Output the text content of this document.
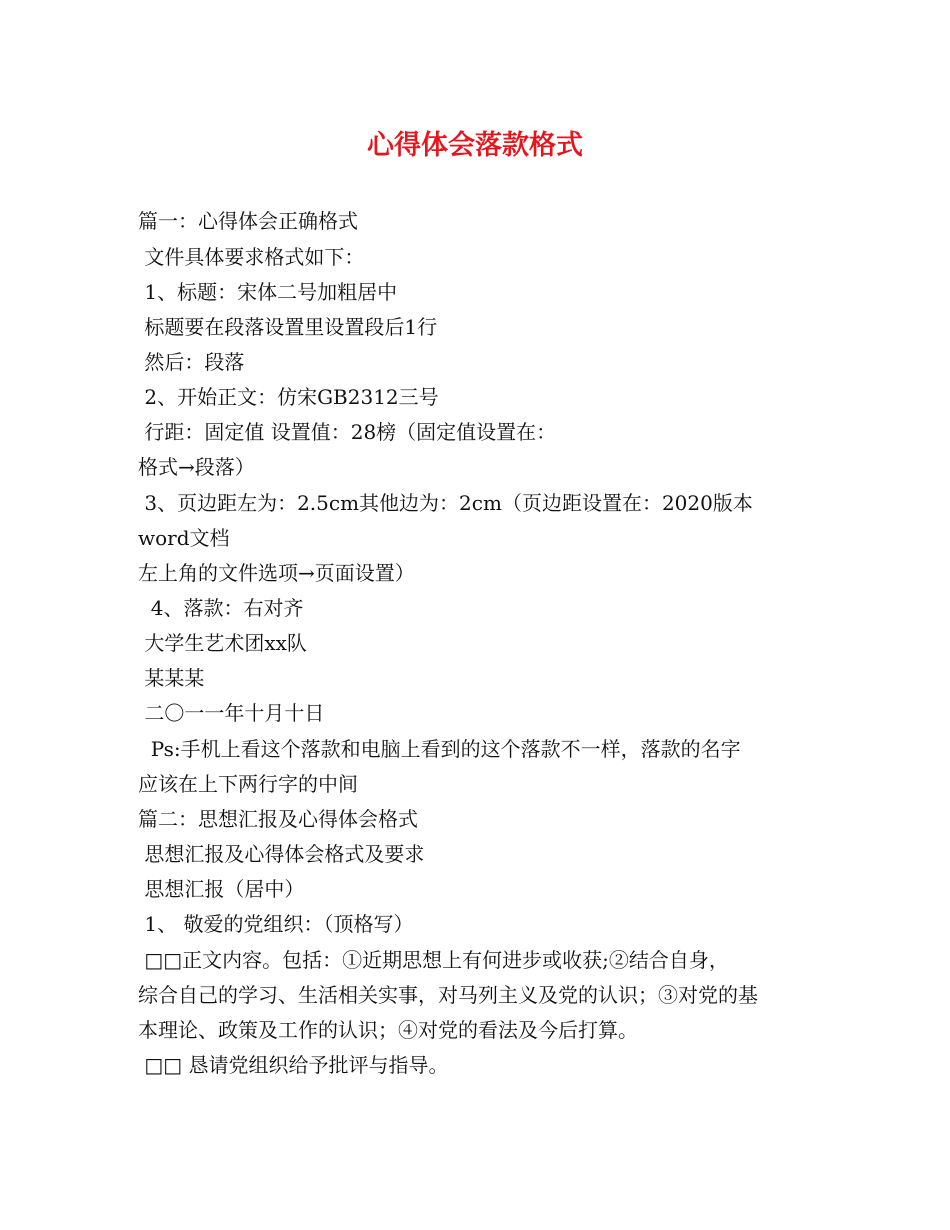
心得体会落款格式

篇一：心得体会正确格式

文件具体要求格式如下：

1、标题：宋体二号加粗居中

标题要在段落设置里设置段后1行

然后：段落

2、开始正文：仿宋GB2312三号

行距：固定值 设置值：28榜（固定值设置在：

格式→段落）

3、页边距左为：2.5cm其他边为：2cm（页边距设置在：2020版本

word文档

左上角的文件选项→页面设置）

4、落款：右对齐

大学生艺术团xx队

某某某

二〇一一年十月十日

Ps:手机上看这个落款和电脑上看到的这个落款不一样，落款的名字

应该在上下两行字的中间

篇二：思想汇报及心得体会格式

思想汇报及心得体会格式及要求

思想汇报（居中）

1、 敬爱的党组织：（顶格写）

□□正文内容。包括：①近期思想上有何进步或收获;②结合自身，

综合自己的学习、生活相关实事，对马列主义及党的认识；③对党的基

本理论、政策及工作的认识；④对党的看法及今后打算。

□□ 恳请党组织给予批评与指导。
